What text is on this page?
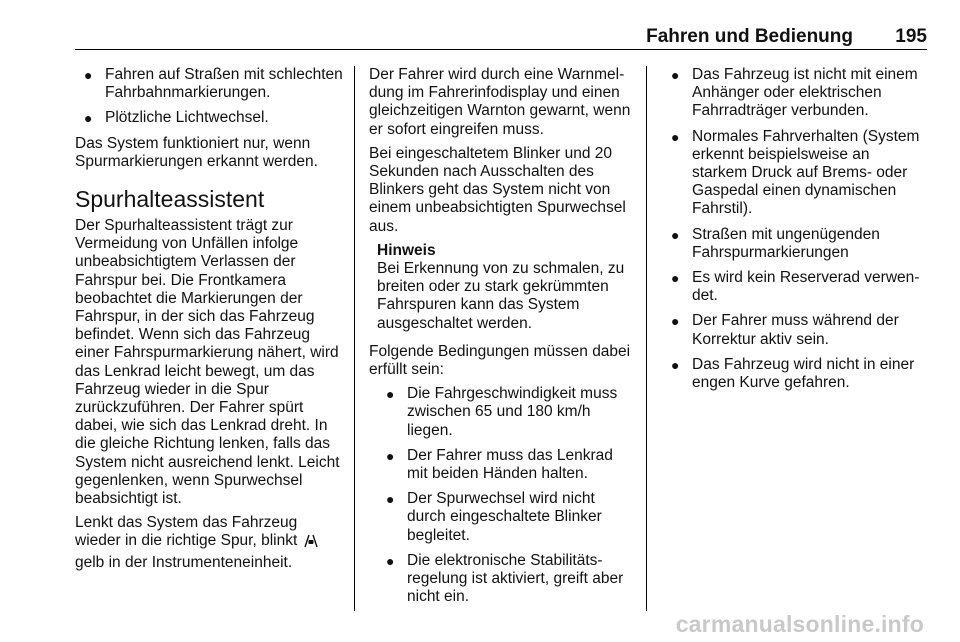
Fahren und Bedienung 195
● Fahren auf Straßen mit schlechten Fahrbahnmarkierungen.
● Plötzliche Lichtwechsel.

Das System funktioniert nur, wenn Spurmarkierungen erkannt werden.

Spurhalteassistent

Der Spurhalteassistent trägt zur Vermeidung von Unfällen infolge unbeabsichtigtem Verlassen der Fahrspur bei. Die Frontkamera beobachtet die Markierungen der Fahrspur, in der sich das Fahrzeug befindet. Wenn sich das Fahrzeug einer Fahrspurmarkierung nähert, wird das Lenkrad leicht bewegt, um das Fahrzeug wieder in die Spur zurückzuführen. Der Fahrer spürt dabei, wie sich das Lenkrad dreht. In die gleiche Richtung lenken, falls das System nicht ausreichend lenkt. Leicht gegenlenken, wenn Spurwechsel beabsichtigt ist.

Lenkt das System das Fahrzeug wieder in die richtige Spur, blinkt  gelb in der Instrumenteneinheit.

Der Fahrer wird durch eine Warnmeldung im Fahrerinfodisplay und einen gleichzeitigen Warnton gewarnt, wenn er sofort eingreifen muss.

Bei eingeschaltetem Blinker und 20 Sekunden nach Ausschalten des Blinkers geht das System nicht von einem unbeabsichtigten Spurwechsel aus.

Hinweis
Bei Erkennung von zu schmalen, zu breiten oder zu stark gekrümmten Fahrspuren kann das System ausgeschaltet werden.

Folgende Bedingungen müssen dabei erfüllt sein:

● Die Fahrgeschwindigkeit muss zwischen 65 und 180 km/h liegen.
● Der Fahrer muss das Lenkrad mit beiden Händen halten.
● Der Spurwechsel wird nicht durch eingeschaltete Blinker begleitet.
● Die elektronische Stabilitätsregelung ist aktiviert, greift aber nicht ein.
● Das Fahrzeug ist nicht mit einem Anhänger oder elektrischen Fahrradträger verbunden.
● Normales Fahrverhalten (System erkennt beispielsweise an starkem Druck auf Brems- oder Gaspedal einen dynamischen Fahrstil).
● Straßen mit ungenügenden Fahrspurmarkierungen
● Es wird kein Reserverad verwendet.
● Der Fahrer muss während der Korrektur aktiv sein.
● Das Fahrzeug wird nicht in einer engen Kurve gefahren.
carmanualsonline.info
